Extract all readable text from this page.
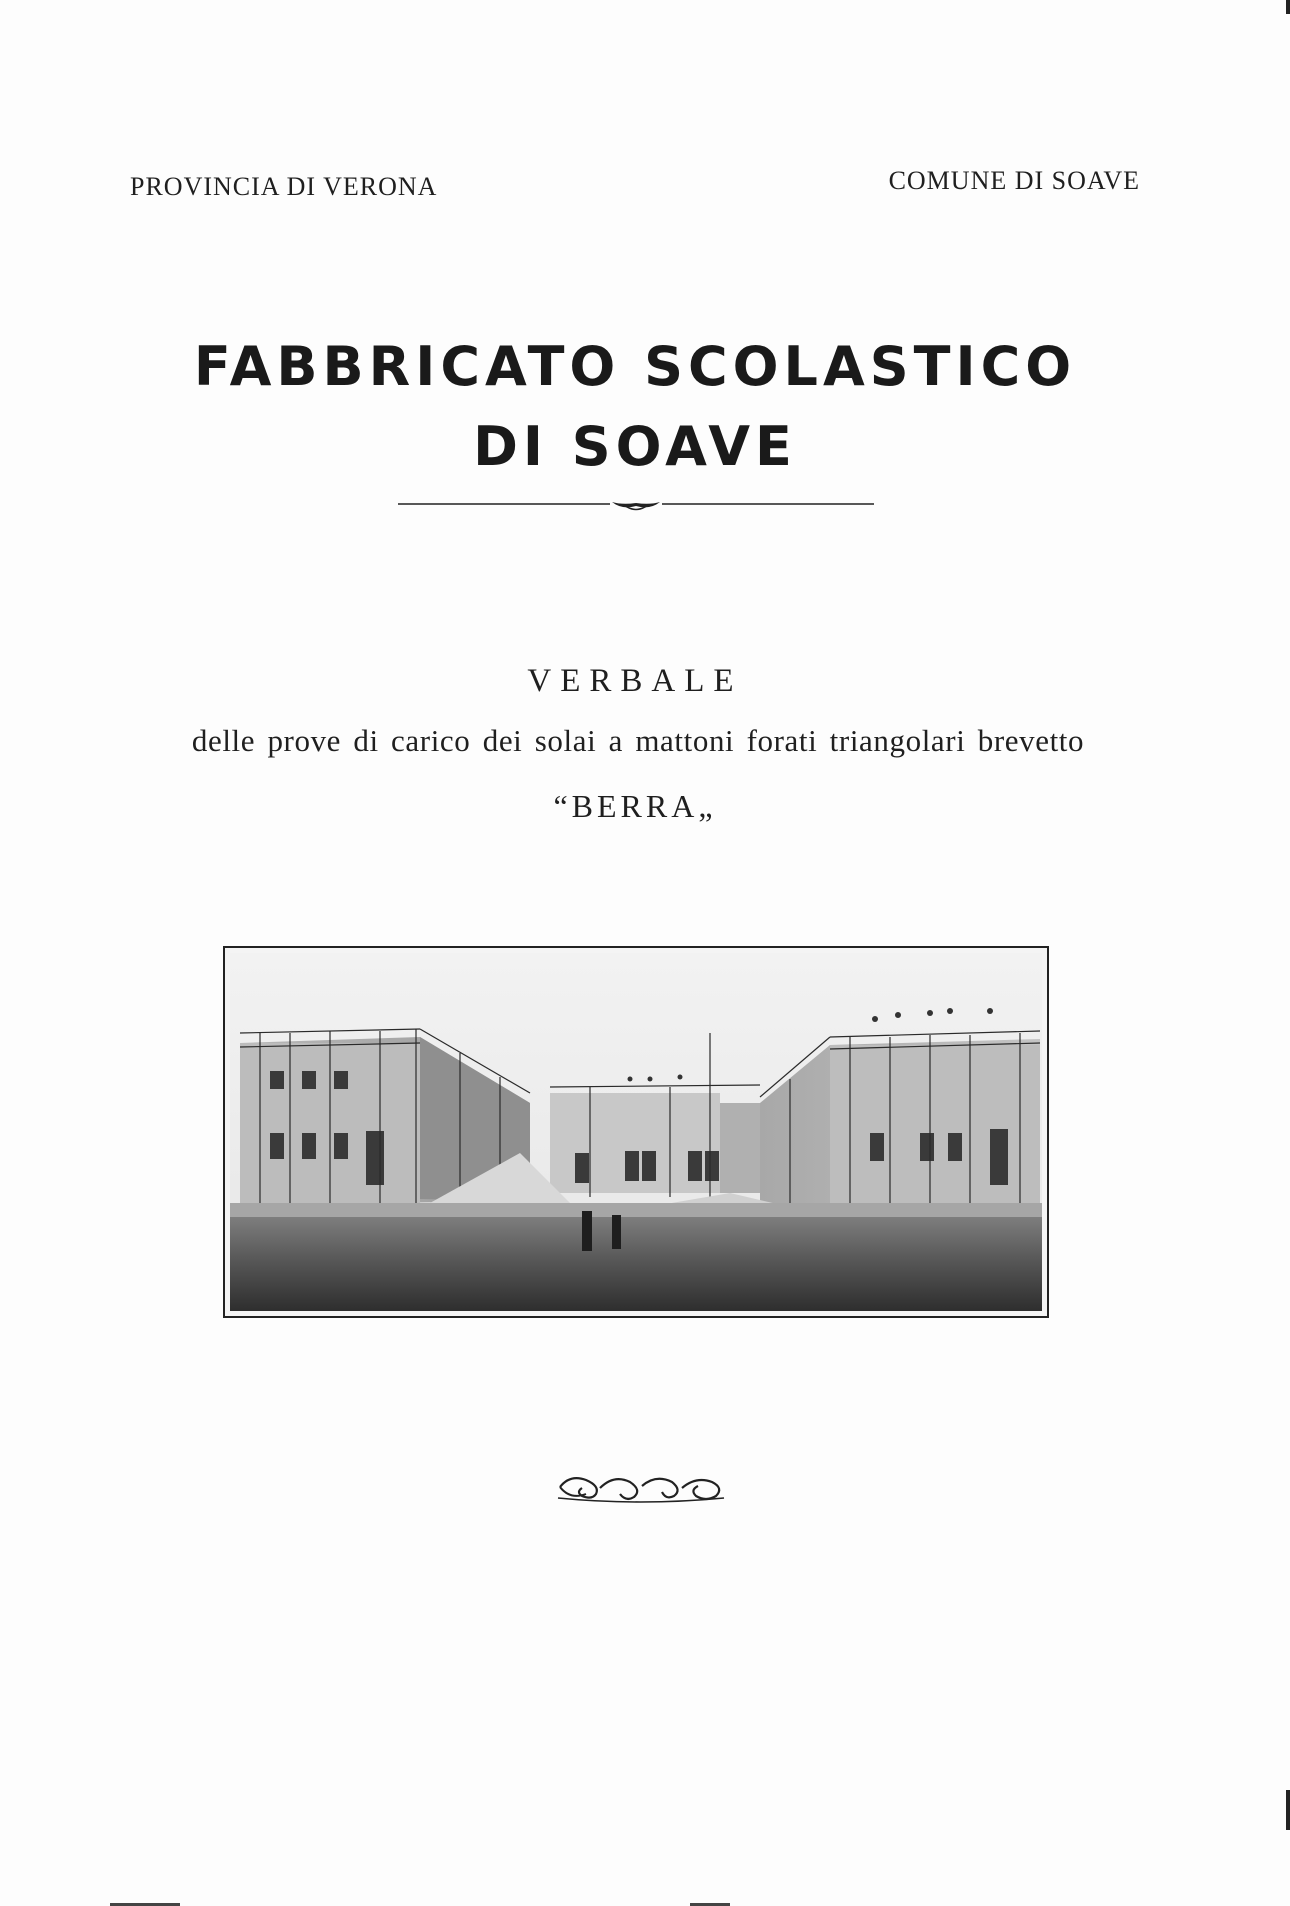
PROVINCIA DI VERONA	COMUNE DI SOAVE
FABBRICATO SCOLASTICO
DI SOAVE
VERBALE
delle prove di carico dei solai a mattoni forati triangolari brevetto
“BERRA„
